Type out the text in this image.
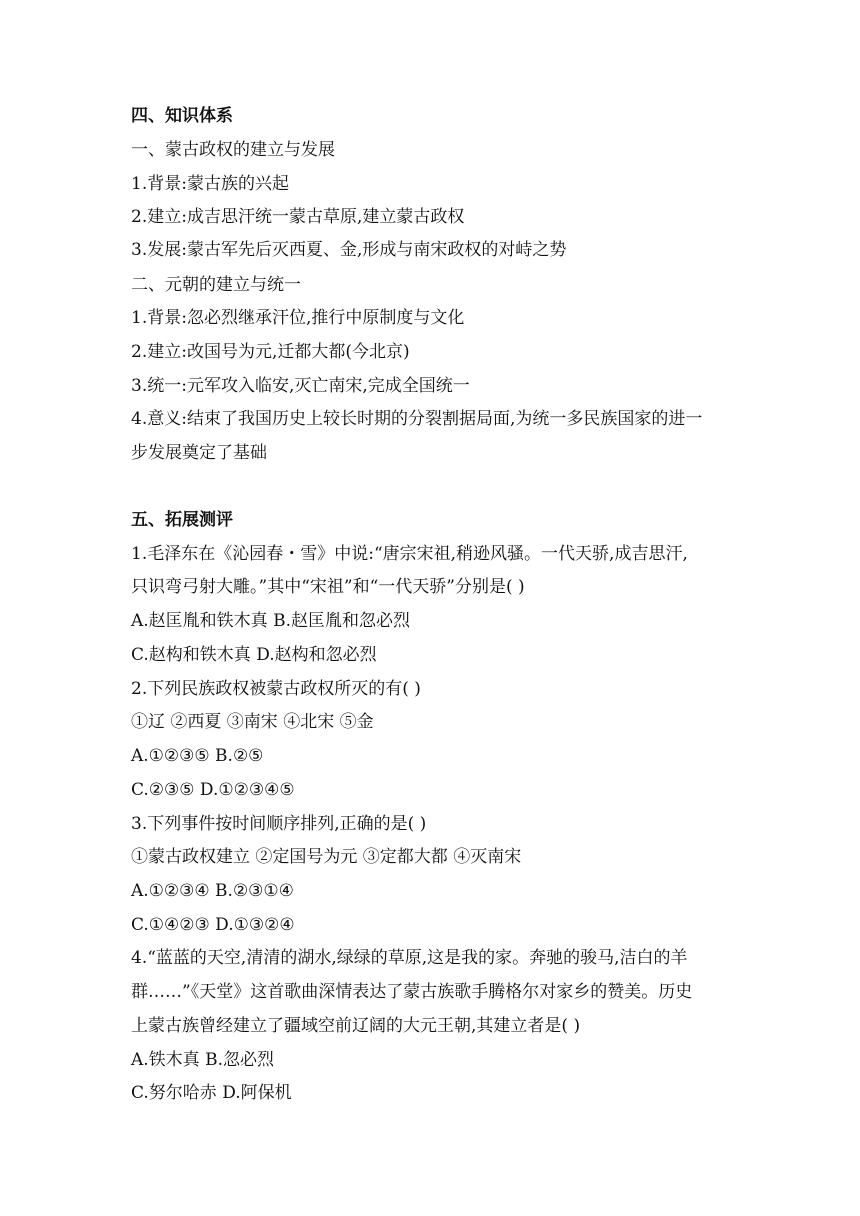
四、知识体系
一、蒙古政权的建立与发展
1.背景:蒙古族的兴起
2.建立:成吉思汗统一蒙古草原,建立蒙古政权
3.发展:蒙古军先后灭西夏、金,形成与南宋政权的对峙之势
二、元朝的建立与统一
1.背景:忽必烈继承汗位,推行中原制度与文化
2.建立:改国号为元,迁都大都(今北京)
3.统一:元军攻入临安,灭亡南宋,完成全国统一
4.意义:结束了我国历史上较长时期的分裂割据局面,为统一多民族国家的进一
步发展奠定了基础
五、拓展测评
1.毛泽东在《沁园春・雪》中说:“唐宗宋祖,稍逊风骚。一代天骄,成吉思汗,
只识弯弓射大雕。”其中“宋祖”和“一代天骄”分别是( )
A.赵匡胤和铁木真 B.赵匡胤和忽必烈
C.赵构和铁木真 D.赵构和忽必烈
2.下列民族政权被蒙古政权所灭的有( )
①辽 ②西夏 ③南宋 ④北宋 ⑤金
A.①②③⑤ B.②⑤
C.②③⑤ D.①②③④⑤
3.下列事件按时间顺序排列,正确的是( )
①蒙古政权建立 ②定国号为元 ③定都大都 ④灭南宋
A.①②③④ B.②③①④
C.①④②③ D.①③②④
4.“蓝蓝的天空,清清的湖水,绿绿的草原,这是我的家。奔驰的骏马,洁白的羊
群……”《天堂》这首歌曲深情表达了蒙古族歌手腾格尔对家乡的赞美。历史
上蒙古族曾经建立了疆域空前辽阔的大元王朝,其建立者是( )
A.铁木真 B.忽必烈
C.努尔哈赤 D.阿保机
